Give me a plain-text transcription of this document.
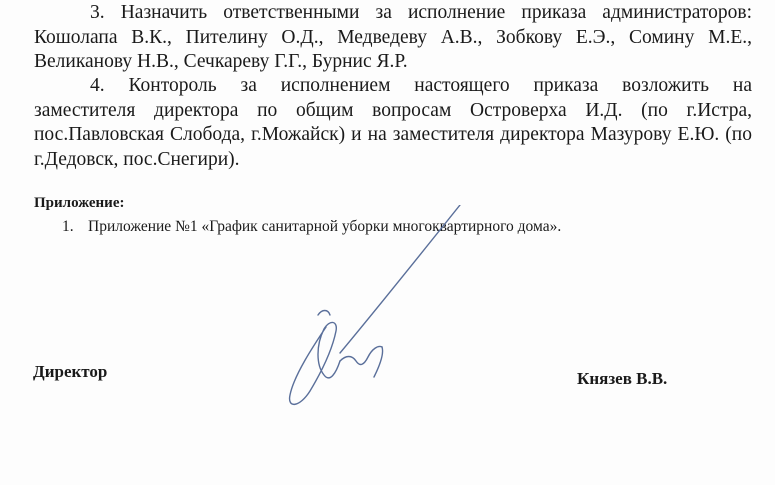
3. Назначить ответственными за исполнение приказа администраторов:
Кошолапа В.К., Пителину О.Д., Медведеву А.В., Зобкову Е.Э., Сомину М.Е., Великанову Н.В., Сечкареву Г.Г., Бурнис Я.Р.
4. Контороль за исполнением настоящего приказа возложить на
заместителя директора по общим вопросам Островерха И.Д. (по г.Истра, пос.Павловская Слобода, г.Можайск) и на заместителя директора Мазурову Е.Ю. (по г.Дедовск, пос.Снегири).

Приложение:

1. Приложение №1 «График санитарной уборки многоквартирного дома».

Директор	Князев В.В.
